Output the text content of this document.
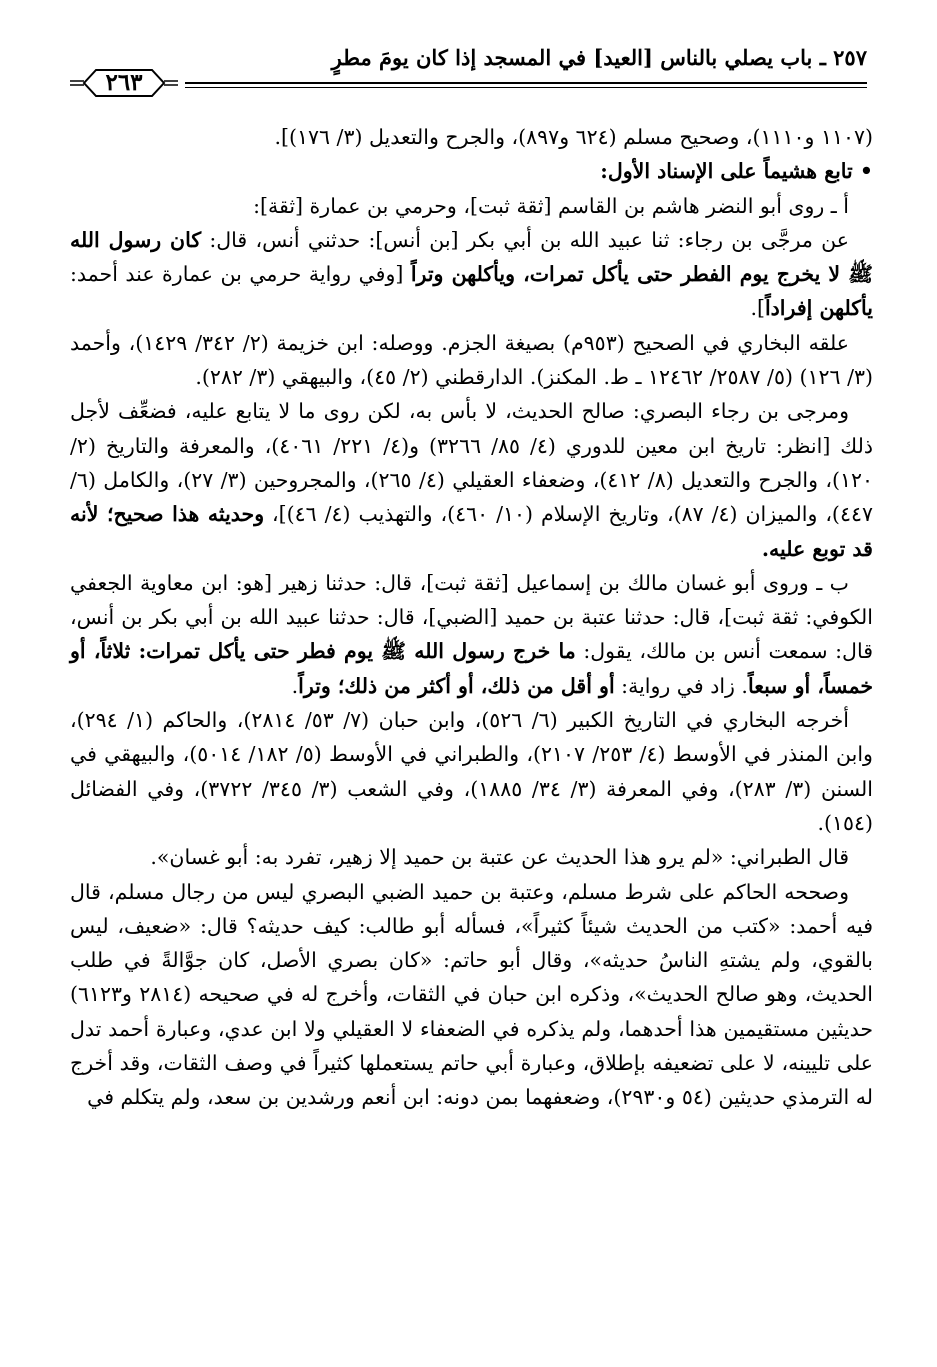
٢٥٧ ـ باب يصلي بالناس [العيد] في المسجد إذا كان يومَ مطرٍ
٢٦٣

(١١٠٧ و١١١٠)، وصحيح مسلم (٦٢٤ و٨٩٧)، والجرح والتعديل (٣/ ١٧٦)].

• تابع هشيماً على الإسناد الأول:

أ ـ روى أبو النضر هاشم بن القاسم [ثقة ثبت]، وحرمي بن عمارة [ثقة]:

عن مرجَّى بن رجاء: ثنا عبيد الله بن أبي بكر [بن أنس]: حدثني أنس، قال: كان رسول الله ﷺ لا يخرج يوم الفطر حتى يأكل تمرات، ويأكلهن وتراً [وفي رواية حرمي بن عمارة عند أحمد: يأكلهن إفراداً].

علقه البخاري في الصحيح (٩٥٣م) بصيغة الجزم. ووصله: ابن خزيمة (٢/ ٣٤٢/ ١٤٢٩)، وأحمد (٣/ ١٢٦) (٥/ ٢٥٨٧/ ١٢٤٦٢ ـ ط. المكنز). الدارقطني (٢/ ٤٥)، والبيهقي (٣/ ٢٨٢).

ومرجى بن رجاء البصري: صالح الحديث، لا بأس به، لكن روى ما لا يتابع عليه، فضعِّف لأجل ذلك [انظر: تاريخ ابن معين للدوري (٤/ ٨٥/ ٣٢٦٦) و(٤/ ٢٢١/ ٤٠٦١)، والمعرفة والتاريخ (٢/ ١٢٠)، والجرح والتعديل (٨/ ٤١٢)، وضعفاء العقيلي (٤/ ٢٦٥)، والمجروحين (٣/ ٢٧)، والكامل (٦/ ٤٤٧)، والميزان (٤/ ٨٧)، وتاريخ الإسلام (١٠/ ٤٦٠)، والتهذيب (٤/ ٤٦)]، وحديثه هذا صحيح؛ لأنه قد توبع عليه.

ب ـ وروى أبو غسان مالك بن إسماعيل [ثقة ثبت]، قال: حدثنا زهير [هو: ابن معاوية الجعفي الكوفي: ثقة ثبت]، قال: حدثنا عتبة بن حميد [الضبي]، قال: حدثنا عبيد الله بن أبي بكر بن أنس، قال: سمعت أنس بن مالك، يقول: ما خرج رسول الله ﷺ يوم فطر حتى يأكل تمرات: ثلاثاً، أو خمساً، أو سبعاً. زاد في رواية: أو أقل من ذلك، أو أكثر من ذلك؛ وتراً.

أخرجه البخاري في التاريخ الكبير (٦/ ٥٢٦)، وابن حبان (٧/ ٥٣/ ٢٨١٤)، والحاكم (١/ ٢٩٤)، وابن المنذر في الأوسط (٤/ ٢٥٣/ ٢١٠٧)، والطبراني في الأوسط (٥/ ١٨٢/ ٥٠١٤)، والبيهقي في السنن (٣/ ٢٨٣)، وفي المعرفة (٣/ ٣٤/ ١٨٨٥)، وفي الشعب (٣/ ٣٤٥/ ٣٧٢٢)، وفي الفضائل (١٥٤).

قال الطبراني: «لم يرو هذا الحديث عن عتبة بن حميد إلا زهير، تفرد به: أبو غسان».

وصححه الحاكم على شرط مسلم، وعتبة بن حميد الضبي البصري ليس من رجال مسلم، قال فيه أحمد: «كتب من الحديث شيئاً كثيراً»، فسأله أبو طالب: كيف حديثه؟ قال: «ضعيف، ليس بالقوي، ولم يشتهِ الناسُ حديثه»، وقال أبو حاتم: «كان بصري الأصل، كان جوَّالةً في طلب الحديث، وهو صالح الحديث»، وذكره ابن حبان في الثقات، وأخرج له في صحيحه (٢٨١٤ و٦١٢٣) حديثين مستقيمين هذا أحدهما، ولم يذكره في الضعفاء لا العقيلي ولا ابن عدي، وعبارة أحمد تدل على تليينه، لا على تضعيفه بإطلاق، وعبارة أبي حاتم يستعملها كثيراً في وصف الثقات، وقد أخرج له الترمذي حديثين (٥٤ و٢٩٣٠)، وضعفهما بمن دونه: ابن أنعم ورشدين بن سعد، ولم يتكلم في
